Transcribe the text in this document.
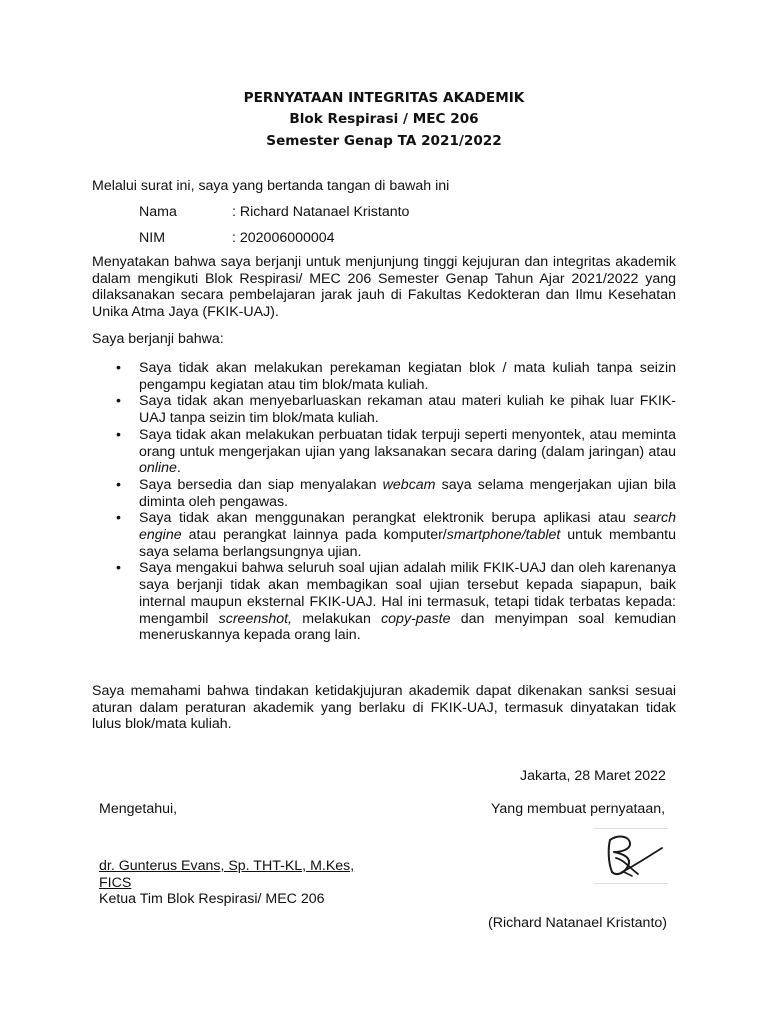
PERNYATAAN INTEGRITAS AKADEMIK
Blok Respirasi / MEC 206
Semester Genap TA 2021/2022
Melalui surat ini, saya yang bertanda tangan di bawah ini
Nama	: Richard Natanael Kristanto
NIM	: 202006000004

Menyatakan bahwa saya berjanji untuk menjunjung tinggi kejujuran dan integritas akademik dalam mengikuti Blok Respirasi/ MEC 206 Semester Genap Tahun Ajar 2021/2022 yang dilaksanakan secara pembelajaran jarak jauh di Fakultas Kedokteran dan Ilmu Kesehatan Unika Atma Jaya (FKIK-UAJ).

Saya berjanji bahwa:

• Saya tidak akan melakukan perekaman kegiatan blok / mata kuliah tanpa seizin pengampu kegiatan atau tim blok/mata kuliah.
• Saya tidak akan menyebarluaskan rekaman atau materi kuliah ke pihak luar FKIK-UAJ tanpa seizin tim blok/mata kuliah.
• Saya tidak akan melakukan perbuatan tidak terpuji seperti menyontek, atau meminta orang untuk mengerjakan ujian yang laksanakan secara daring (dalam jaringan) atau online.
• Saya bersedia dan siap menyalakan webcam saya selama mengerjakan ujian bila diminta oleh pengawas.
• Saya tidak akan menggunakan perangkat elektronik berupa aplikasi atau search engine atau perangkat lainnya pada komputer/smartphone/tablet untuk membantu saya selama berlangsungnya ujian.
• Saya mengakui bahwa seluruh soal ujian adalah milik FKIK-UAJ dan oleh karenanya saya berjanji tidak akan membagikan soal ujian tersebut kepada siapapun, baik internal maupun eksternal FKIK-UAJ. Hal ini termasuk, tetapi tidak terbatas kepada: mengambil screenshot, melakukan copy-paste dan menyimpan soal kemudian meneruskannya kepada orang lain.

Saya memahami bahwa tindakan ketidakjujuran akademik dapat dikenakan sanksi sesuai aturan dalam peraturan akademik yang berlaku di FKIK-UAJ, termasuk dinyatakan tidak lulus blok/mata kuliah.

Jakarta, 28 Maret 2022
Mengetahui,	Yang membuat pernyataan,
dr. Gunterus Evans, Sp. THT-KL, M.Kes, FICS
Ketua Tim Blok Respirasi/ MEC 206
(Richard Natanael Kristanto)
